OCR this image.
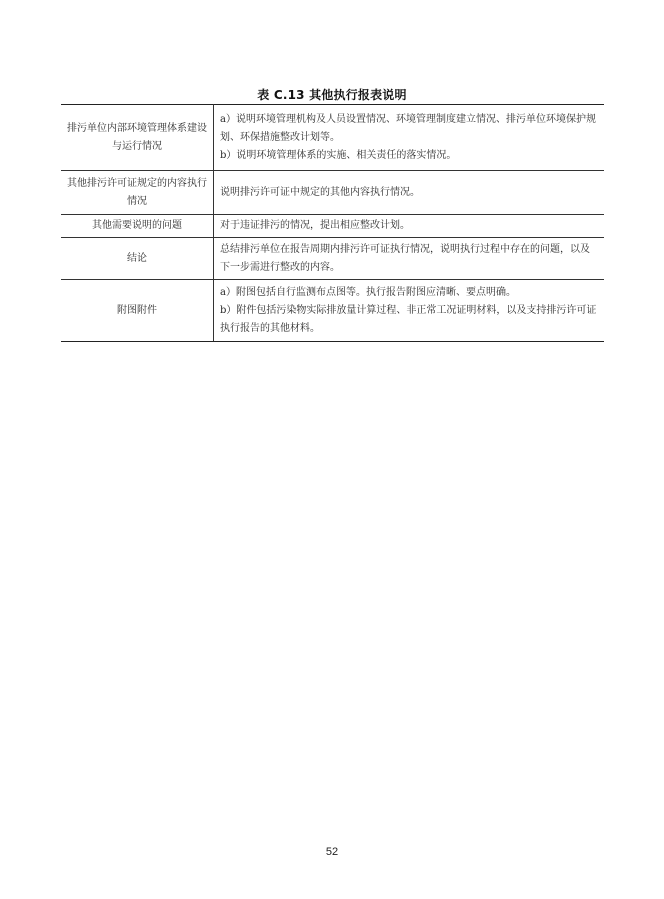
表 C.13 其他执行报表说明
排污单位内部环境管理体系建设与运行情况	a）说明环境管理机构及人员设置情况、环境管理制度建立情况、排污单位环境保护规划、环保措施整改计划等。
b）说明环境管理体系的实施、相关责任的落实情况。

其他排污许可证规定的内容执行情况	说明排污许可证中规定的其他内容执行情况。

其他需要说明的问题	对于违证排污的情况，提出相应整改计划。

结论	总结排污单位在报告周期内排污许可证执行情况，说明执行过程中存在的问题，以及下一步需进行整改的内容。

附图附件	a）附图包括自行监测布点图等。执行报告附图应清晰、要点明确。
b）附件包括污染物实际排放量计算过程、非正常工况证明材料，以及支持排污许可证执行报告的其他材料。
52
